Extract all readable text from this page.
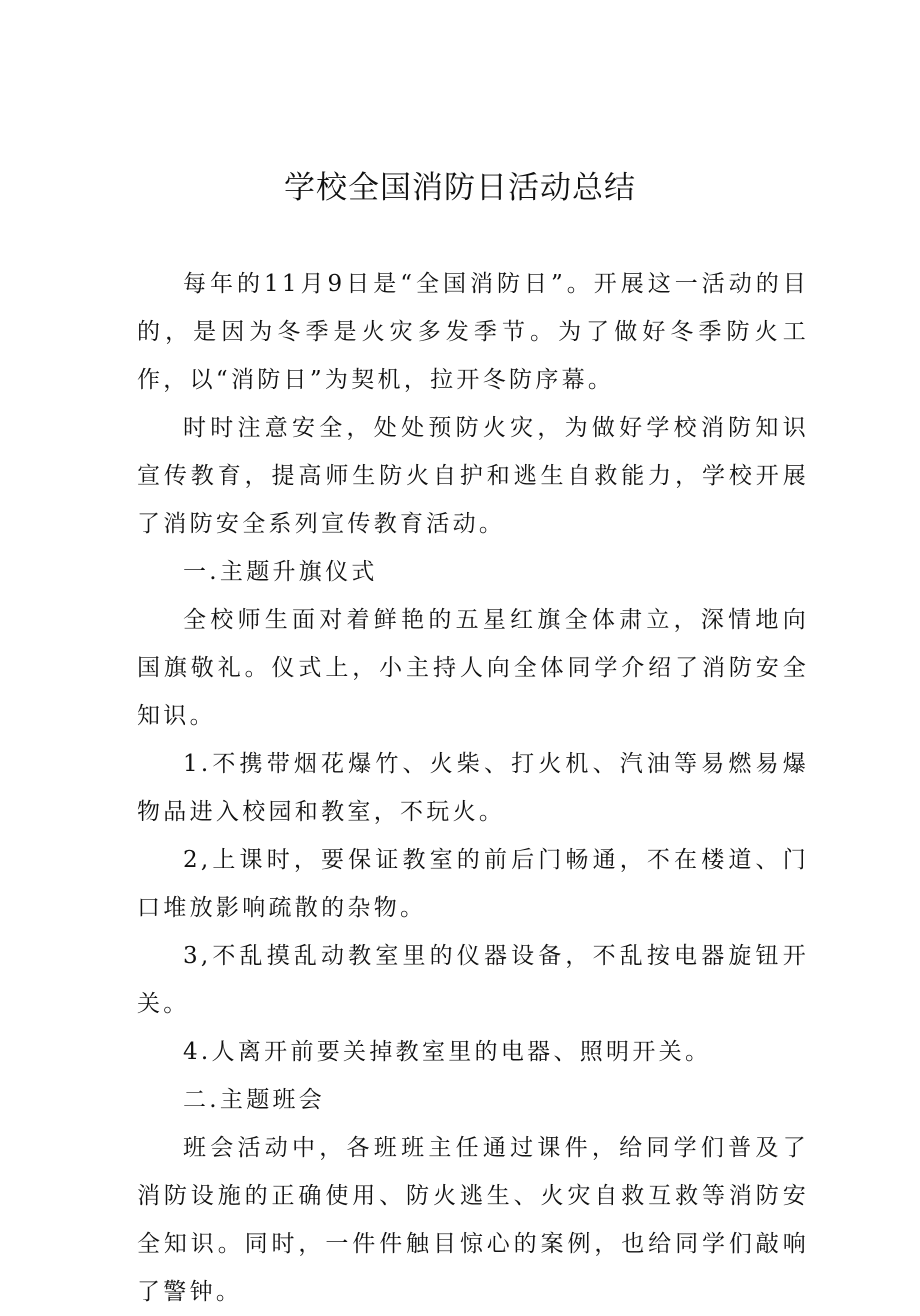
学校全国消防日活动总结

每年的11月9日是“全国消防日”。开展这一活动的目的，是因为冬季是火灾多发季节。为了做好冬季防火工作，以“消防日”为契机，拉开冬防序幕。

时时注意安全，处处预防火灾，为做好学校消防知识宣传教育，提高师生防火自护和逃生自救能力，学校开展了消防安全系列宣传教育活动。

一.主题升旗仪式

全校师生面对着鲜艳的五星红旗全体肃立，深情地向国旗敬礼。仪式上，小主持人向全体同学介绍了消防安全知识。

1.不携带烟花爆竹、火柴、打火机、汽油等易燃易爆物品进入校园和教室，不玩火。

2,上课时，要保证教室的前后门畅通，不在楼道、门口堆放影响疏散的杂物。

3,不乱摸乱动教室里的仪器设备，不乱按电器旋钮开关。

4.人离开前要关掉教室里的电器、照明开关。

二.主题班会

班会活动中，各班班主任通过课件，给同学们普及了消防设施的正确使用、防火逃生、火灾自救互救等消防安全知识。同时，一件件触目惊心的案例，也给同学们敲响了警钟。
